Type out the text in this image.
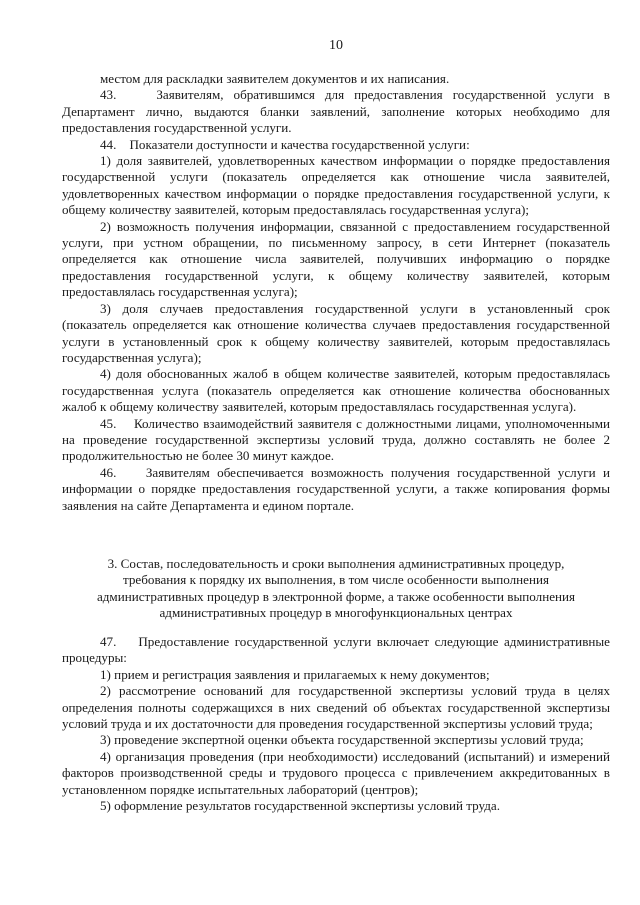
10

местом для раскладки заявителем документов и их написания.

43.    Заявителям, обратившимся для предоставления государственной услуги в Департамент лично, выдаются бланки заявлений, заполнение которых необходимо для предоставления государственной услуги.

44.    Показатели доступности и качества государственной услуги:

1) доля заявителей, удовлетворенных качеством информации о порядке предоставления государственной услуги (показатель определяется как отношение числа заявителей, удовлетворенных качеством информации о порядке предоставления государственной услуги, к общему количеству заявителей, которым предоставлялась государственная услуга);

2) возможность получения информации, связанной с предоставлением государственной услуги, при устном обращении, по письменному запросу, в сети Интернет (показатель определяется как отношение числа заявителей, получивших информацию о порядке предоставления государственной услуги, к общему количеству заявителей, которым предоставлялась государственная услуга);

3) доля случаев предоставления государственной услуги в установленный срок (показатель определяется как отношение количества случаев предоставления государственной услуги в установленный срок к общему количеству заявителей, которым предоставлялась государственная услуга);

4) доля обоснованных жалоб в общем количестве заявителей, которым предоставлялась государственная услуга (показатель определяется как отношение количества обоснованных жалоб к общему количеству заявителей, которым предоставлялась государственная услуга).

45.    Количество взаимодействий заявителя с должностными лицами, уполномоченными на проведение государственной экспертизы условий труда, должно составлять не более 2 продолжительностью не более 30 минут каждое.

46.    Заявителям обеспечивается возможность получения государственной услуги и информации о порядке предоставления государственной услуги, а также копирования формы заявления на сайте Департамента и едином портале.

3. Состав, последовательность и сроки выполнения административных процедур,
требования к порядку их выполнения, в том числе особенности выполнения
административных процедур в электронной форме, а также особенности выполнения
административных процедур в многофункциональных центрах

47.    Предоставление государственной услуги включает следующие административные процедуры:

1) прием и регистрация заявления и прилагаемых к нему документов;

2) рассмотрение оснований для государственной экспертизы условий труда в целях определения полноты содержащихся в них сведений об объектах государственной экспертизы условий труда и их достаточности для проведения государственной экспертизы условий труда;

3) проведение экспертной оценки объекта государственной экспертизы условий труда;

4) организация проведения (при необходимости) исследований (испытаний) и измерений факторов производственной среды и трудового процесса с привлечением аккредитованных в установленном порядке испытательных лабораторий (центров);

5) оформление результатов государственной экспертизы условий труда.
